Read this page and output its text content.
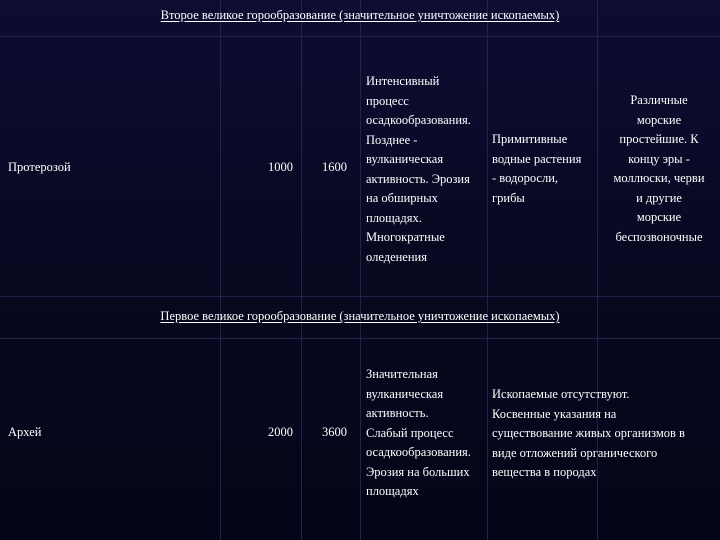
Второе великое горообразование (значительное уничтожение ископаемых)
Протерозой	1000 1600
Интенсивный
процесс
осадкообразования.
Позднее -
вулканическая
активность. Эрозия
на обширных
площадях.
Многократные
оледенения
Примитивные
водные растения
- водоросли,
грибы
Различные
морские
простейшие. К
концу эры -
моллюски, черви
и другие
морские
беспозвоночные
Первое великое горообразование (значительное уничтожение ископаемых)
Архей	2000 3600
Значительная
вулканическая
активность.
Слабый процесс
осадкообразования.
Эрозия на больших
площадях
Ископаемые отсутствуют.
Косвенные указания на
существование живых организмов в
виде отложений органического
вещества в породах
